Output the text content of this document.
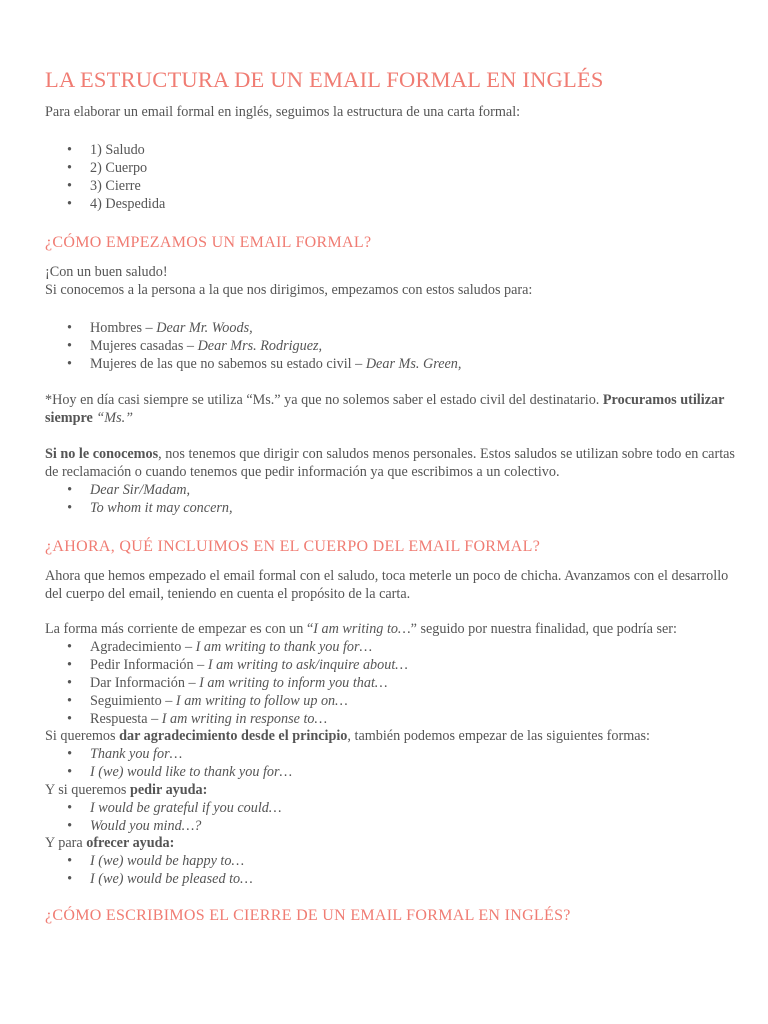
LA ESTRUCTURA DE UN EMAIL FORMAL EN INGLÉS

Para elaborar un email formal en inglés, seguimos la estructura de una carta formal:

• 1) Saludo
• 2) Cuerpo
• 3) Cierre
• 4) Despedida
¿CÓMO EMPEZAMOS UN EMAIL FORMAL?

¡Con un buen saludo!

Si conocemos a la persona a la que nos dirigimos, empezamos con estos saludos para:

• Hombres – Dear Mr. Woods,
• Mujeres casadas – Dear Mrs. Rodriguez,
• Mujeres de las que no sabemos su estado civil – Dear Ms. Green,

*Hoy en día casi siempre se utiliza “Ms.” ya que no solemos saber el estado civil del destinatario. Procuramos utilizar siempre “Ms.”

Si no le conocemos, nos tenemos que dirigir con saludos menos personales. Estos saludos se utilizan sobre todo en cartas de reclamación o cuando tenemos que pedir información ya que escribimos a un colectivo.

• Dear Sir/Madam,
• To whom it may concern,
¿AHORA, QUÉ INCLUIMOS EN EL CUERPO DEL EMAIL FORMAL?

Ahora que hemos empezado el email formal con el saludo, toca meterle un poco de chicha. Avanzamos con el desarrollo del cuerpo del email, teniendo en cuenta el propósito de la carta.

La forma más corriente de empezar es con un “I am writing to…” seguido por nuestra finalidad, que podría ser:

• Agradecimiento – I am writing to thank you for…
• Pedir Información – I am writing to ask/inquire about…
• Dar Información – I am writing to inform you that…
• Seguimiento – I am writing to follow up on…
• Respuesta – I am writing in response to…

Si queremos dar agradecimiento desde el principio, también podemos empezar de las siguientes formas:

• Thank you for…
• I (we) would like to thank you for…

Y si queremos pedir ayuda:

• I would be grateful if you could…
• Would you mind…?

Y para ofrecer ayuda:

• I (we) would be happy to…
• I (we) would be pleased to…
¿CÓMO ESCRIBIMOS EL CIERRE DE UN EMAIL FORMAL EN INGLÉS?
